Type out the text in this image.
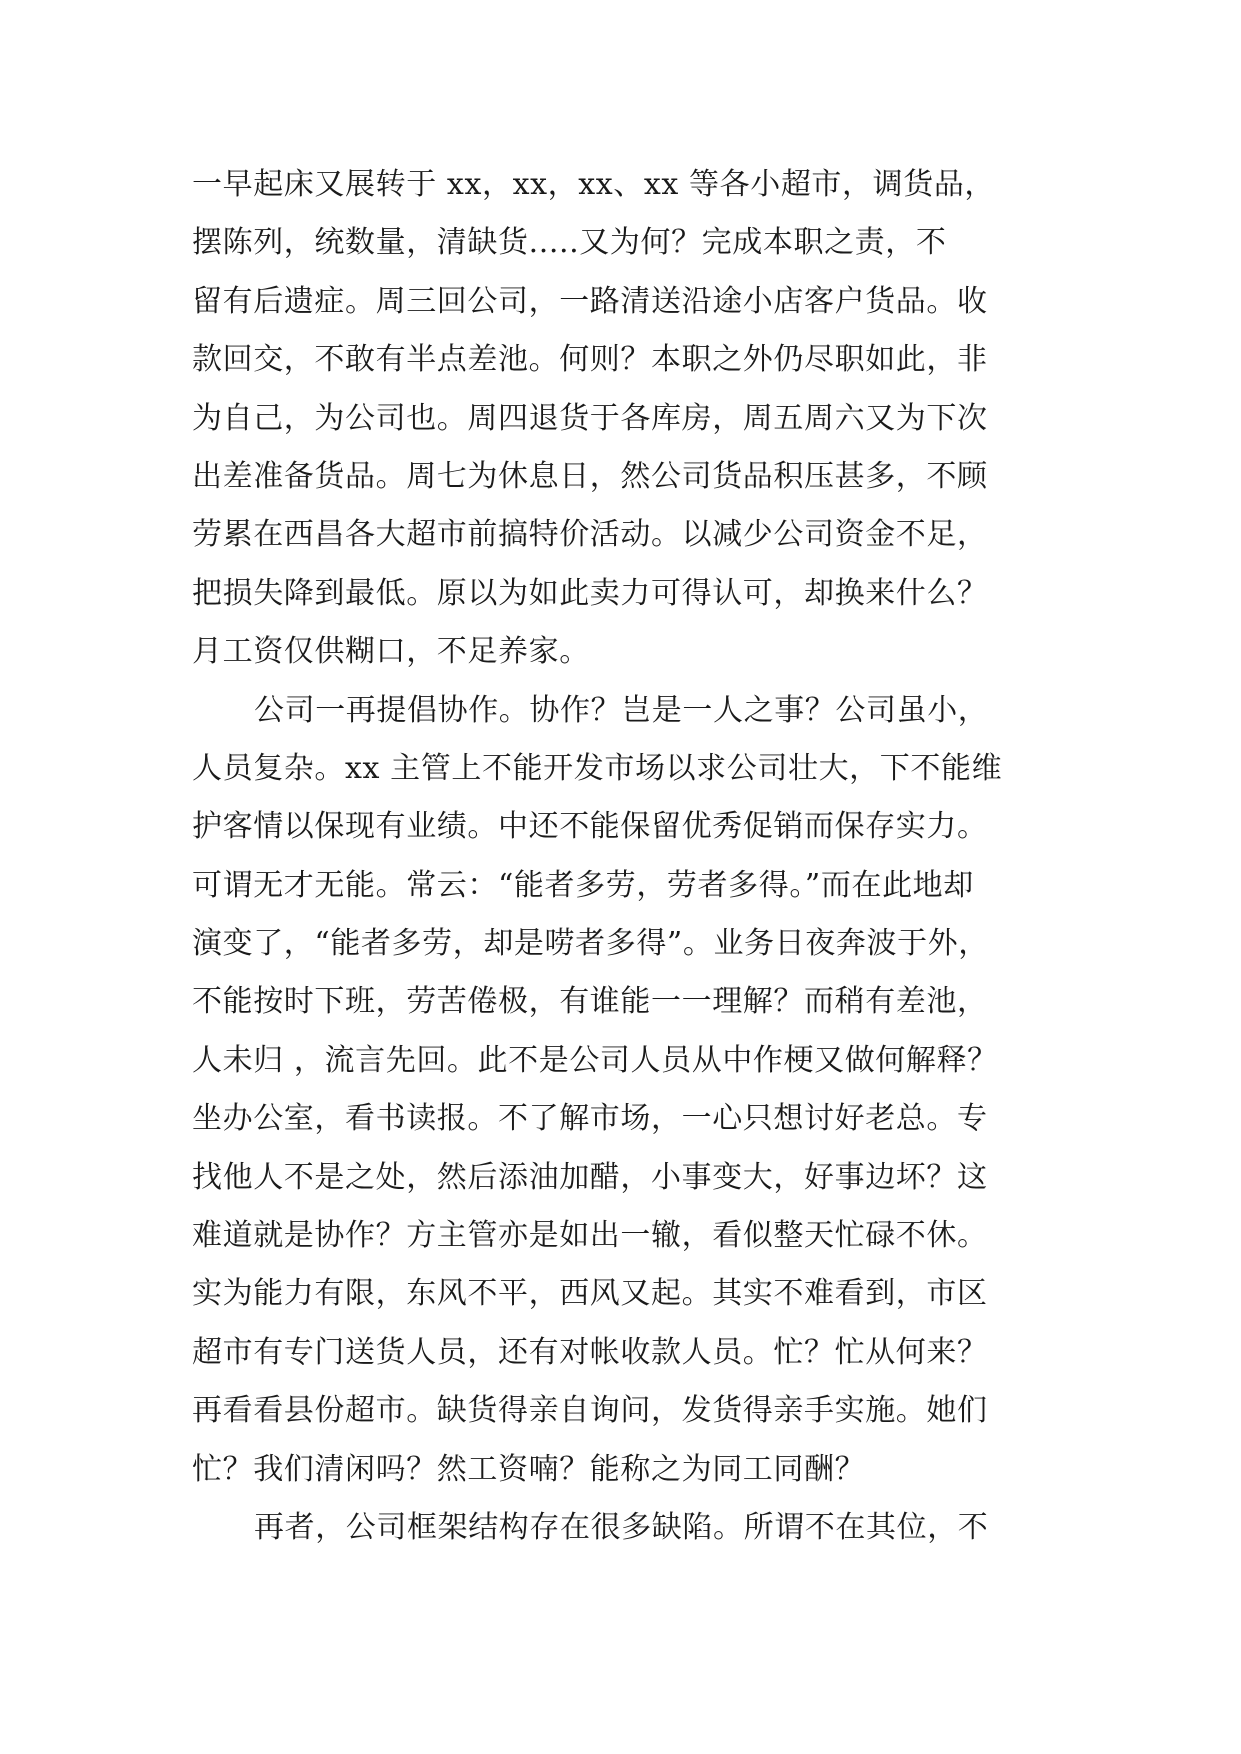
一早起床又展转于 xx，xx，xx、xx 等各小超市，调货品，
摆陈列，统数量，清缺货.....又为何？完成本职之责，不
留有后遗症。周三回公司，一路清送沿途小店客户货品。收
款回交，不敢有半点差池。何则？本职之外仍尽职如此，非
为自己，为公司也。周四退货于各库房，周五周六又为下次
出差准备货品。周七为休息日，然公司货品积压甚多，不顾
劳累在西昌各大超市前搞特价活动。以减少公司资金不足，
把损失降到最低。原以为如此卖力可得认可，却换来什么？
月工资仅供糊口，不足养家。
公司一再提倡协作。协作？岂是一人之事？公司虽小，
人员复杂。xx 主管上不能开发市场以求公司壮大，下不能维
护客情以保现有业绩。中还不能保留优秀促销而保存实力。
可谓无才无能。常云：“能者多劳，劳者多得。”而在此地却
演变了，“能者多劳，却是唠者多得”。业务日夜奔波于外，
不能按时下班，劳苦倦极，有谁能一一理解？而稍有差池，
人未归 ，流言先回。此不是公司人员从中作梗又做何解释？
坐办公室，看书读报。不了解市场，一心只想讨好老总。专
找他人不是之处，然后添油加醋，小事变大，好事边坏？这
难道就是协作？方主管亦是如出一辙，看似整天忙碌不休。
实为能力有限，东风不平，西风又起。其实不难看到，市区
超市有专门送货人员，还有对帐收款人员。忙？忙从何来？
再看看县份超市。缺货得亲自询问，发货得亲手实施。她们
忙？我们清闲吗？然工资喃？能称之为同工同酬？
再者，公司框架结构存在很多缺陷。所谓不在其位，不
